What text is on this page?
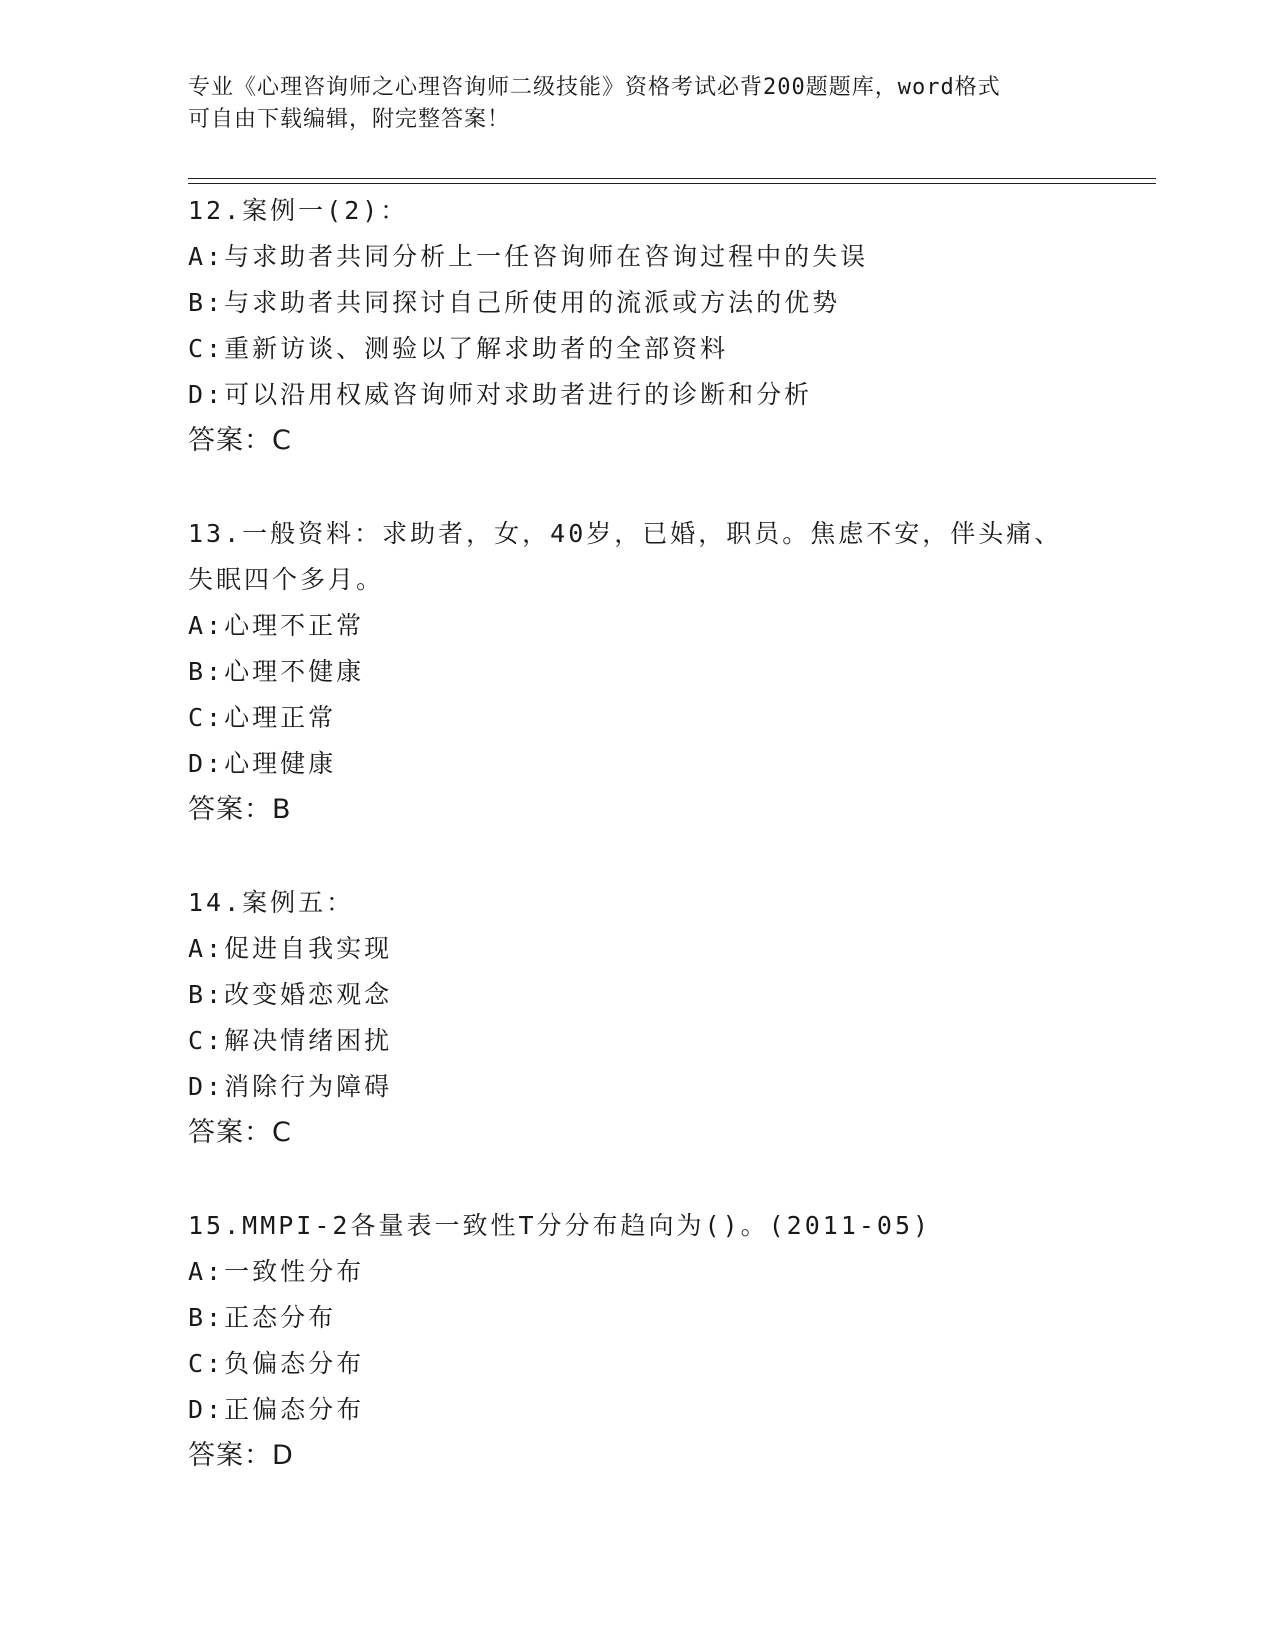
专业《心理咨询师之心理咨询师二级技能》资格考试必背200题题库，word格式
可自由下载编辑，附完整答案！
12.案例一(2)：
A:与求助者共同分析上一任咨询师在咨询过程中的失误
B:与求助者共同探讨自己所使用的流派或方法的优势
C:重新访谈、测验以了解求助者的全部资料
D:可以沿用权威咨询师对求助者进行的诊断和分析
答案：C
13.一般资料：求助者，女，40岁，已婚，职员。焦虑不安，伴头痛、失眠四个多月。
A:心理不正常
B:心理不健康
C:心理正常
D:心理健康
答案：B
14.案例五：
A:促进自我实现
B:改变婚恋观念
C:解决情绪困扰
D:消除行为障碍
答案：C
15.MMPI-2各量表一致性T分分布趋向为()。(2011-05)
A:一致性分布
B:正态分布
C:负偏态分布
D:正偏态分布
答案：D
